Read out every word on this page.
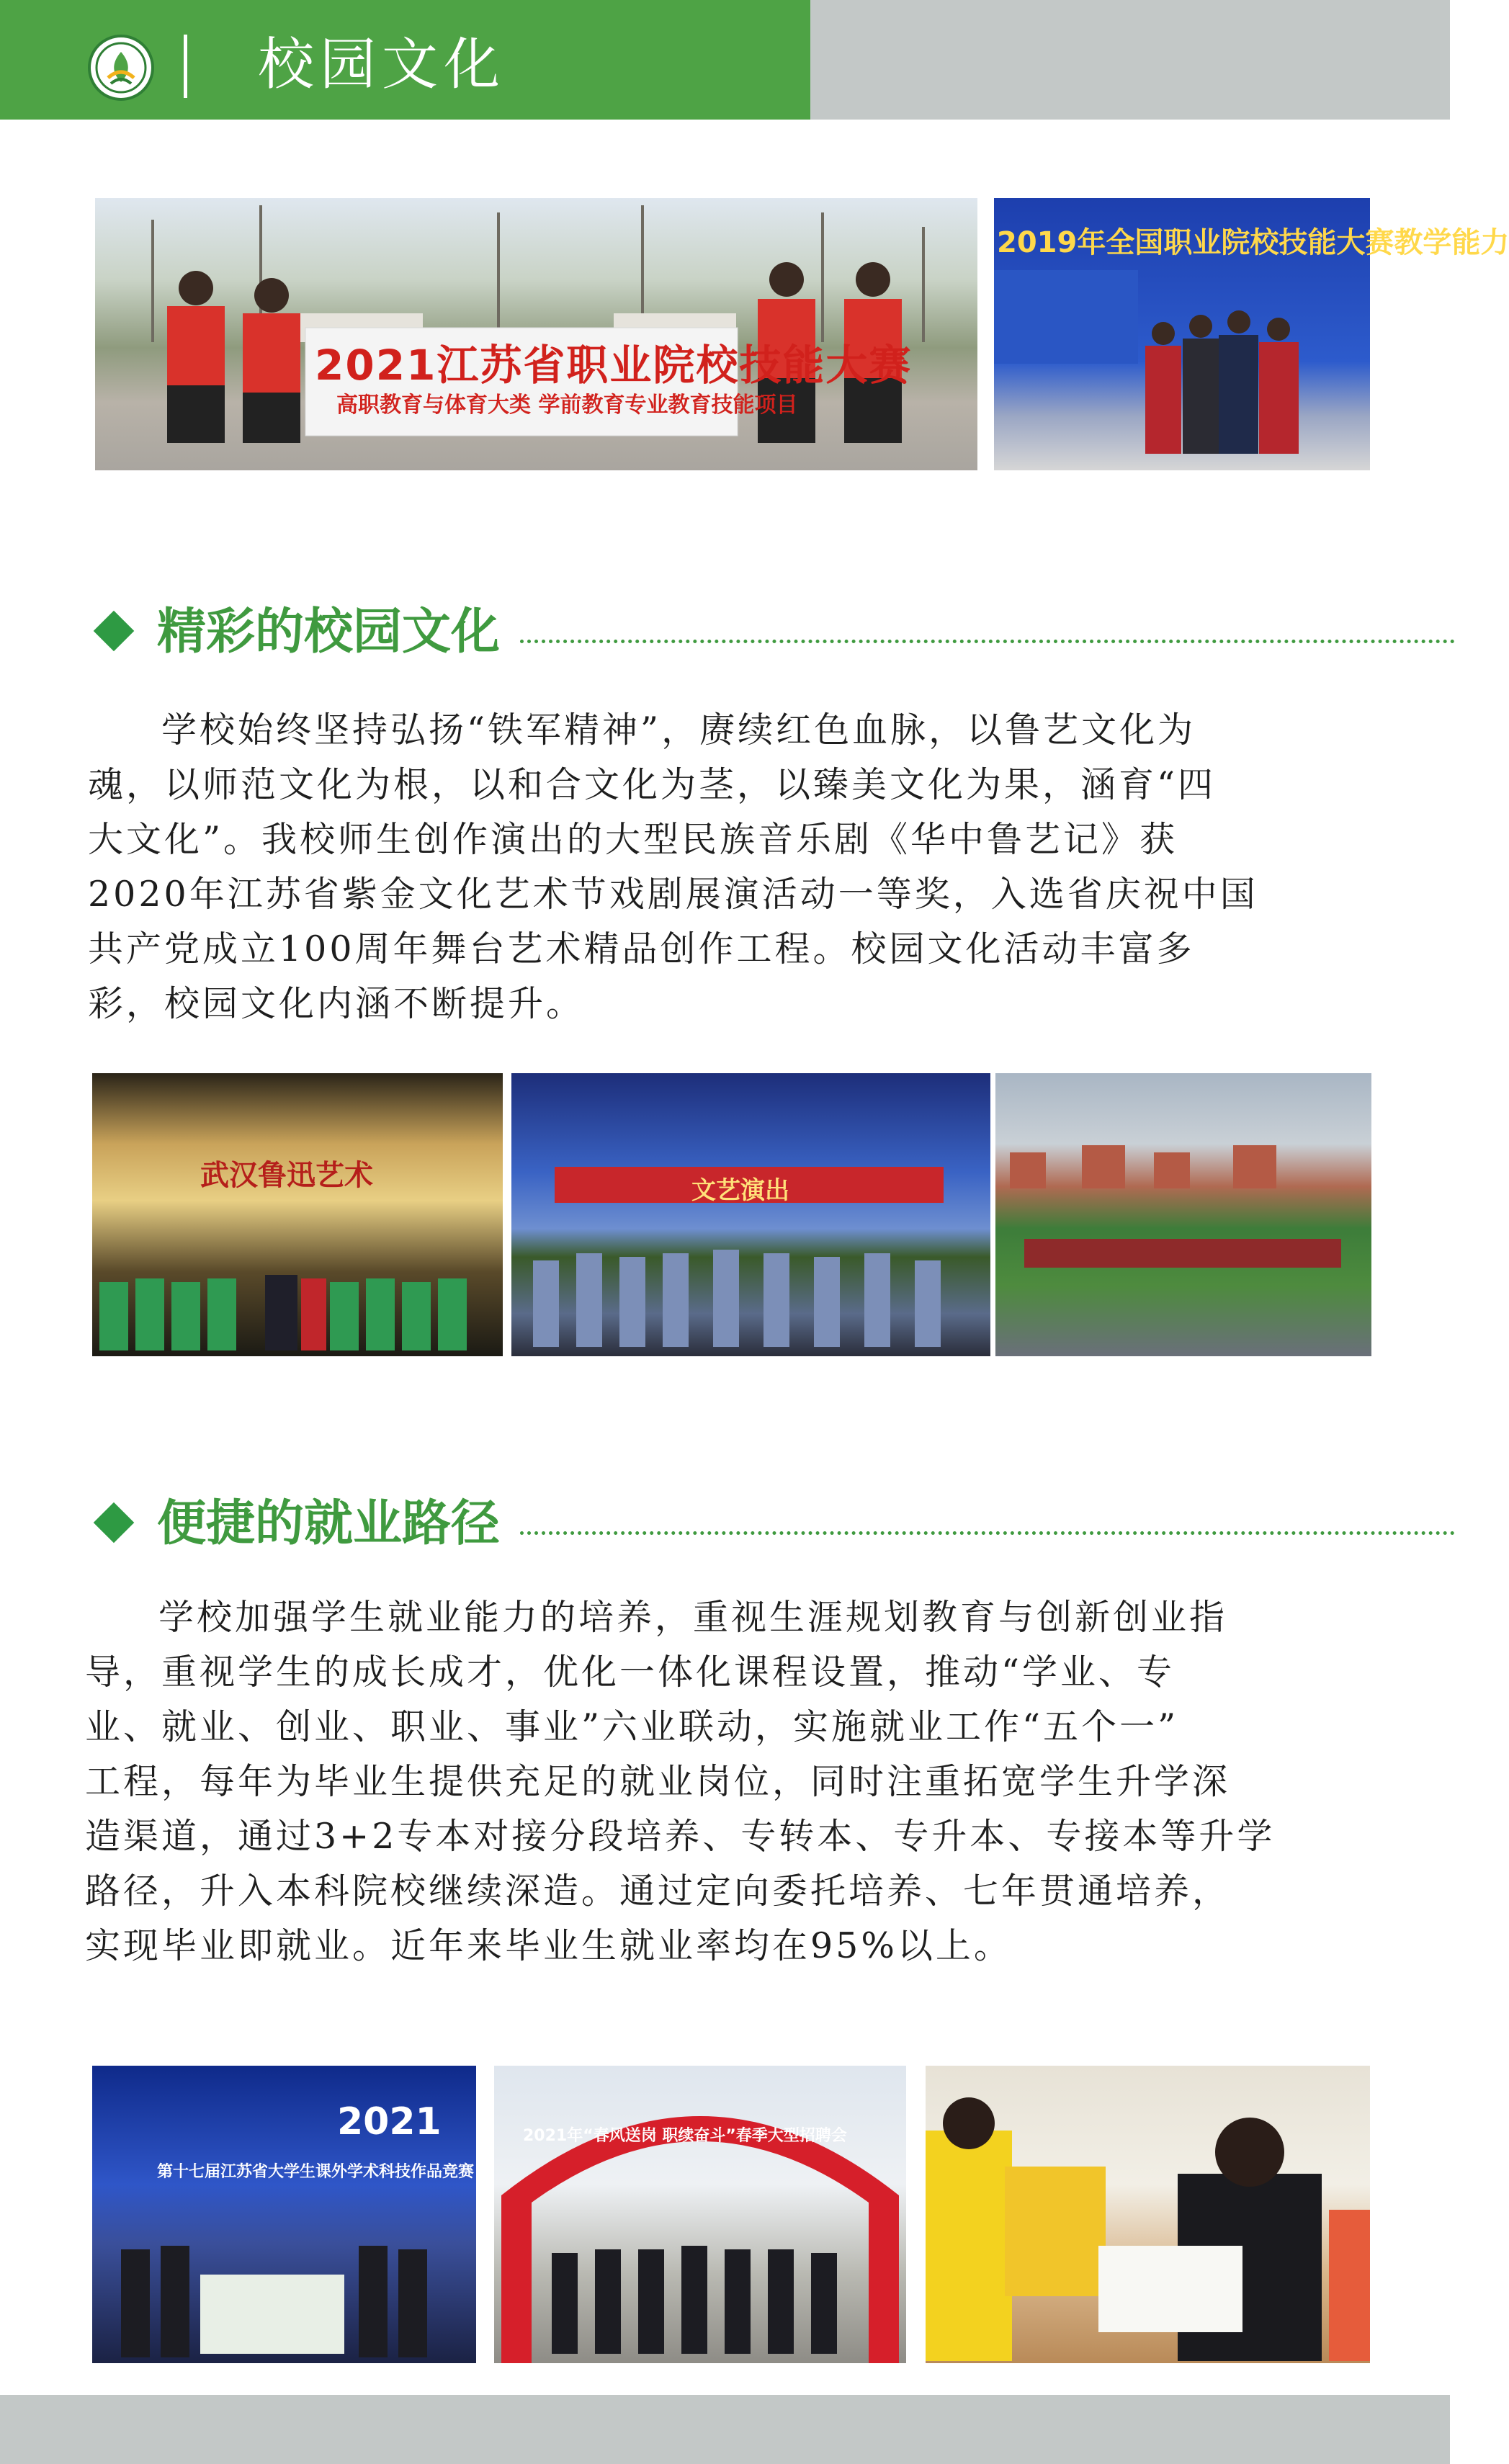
校园文化
2021江苏省职业院校技能大赛
高职教育与体育大类 学前教育专业教育技能项目
2019年全国职业院校技能大赛教学能力
精彩的校园文化
学校始终坚持弘扬“铁军精神”，赓续红色血脉，以鲁艺文化为
魂，以师范文化为根，以和合文化为茎，以臻美文化为果，涵育“四
大文化”。我校师生创作演出的大型民族音乐剧《华中鲁艺记》获
2020年江苏省紫金文化艺术节戏剧展演活动一等奖，入选省庆祝中国
共产党成立100周年舞台艺术精品创作工程。校园文化活动丰富多
彩，校园文化内涵不断提升。
武汉鲁迅艺术	文艺演出
便捷的就业路径
学校加强学生就业能力的培养，重视生涯规划教育与创新创业指
导，重视学生的成长成才，优化一体化课程设置，推动“学业、专
业、就业、创业、职业、事业”六业联动，实施就业工作“五个一”
工程，每年为毕业生提供充足的就业岗位，同时注重拓宽学生升学深
造渠道，通过3+2专本对接分段培养、专转本、专升本、专接本等升学
路径，升入本科院校继续深造。通过定向委托培养、七年贯通培养，
实现毕业即就业。近年来毕业生就业率均在95%以上。
2021
第十七届江苏省大学生课外学术科技作品竞赛
2021年“春风送岗 职续奋斗”春季大型招聘会
